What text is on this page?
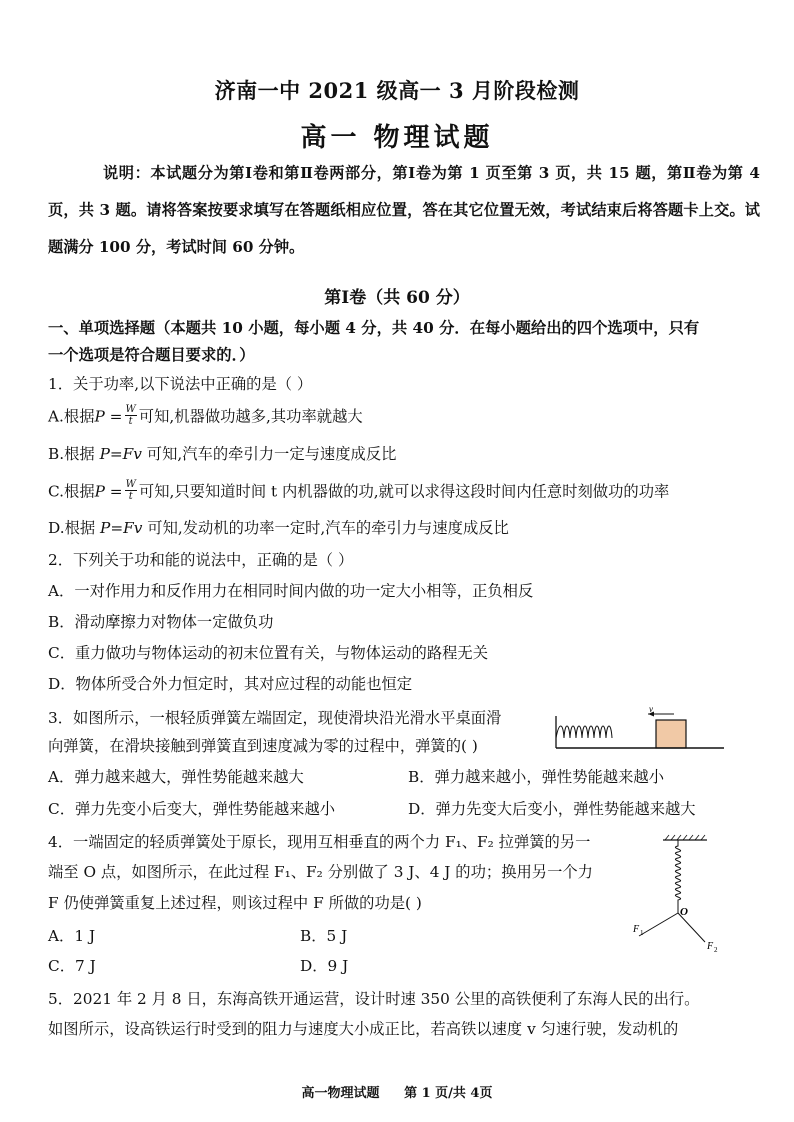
济南一中 2021 级高一 3 月阶段检测
高一 物理试题
说明：本试题分为第Ⅰ卷和第Ⅱ卷两部分，第Ⅰ卷为第 1 页至第 3 页，共 15 题，第Ⅱ卷为第 4 页，共 3 题。请将答案按要求填写在答题纸相应位置，答在其它位置无效，考试结束后将答题卡上交。试题满分 100 分，考试时间 60 分钟。
第Ⅰ卷（共 60 分）
一、单项选择题（本题共 10 小题，每小题 4 分，共 40 分．在每小题给出的四个选项中，只有
一个选项是符合题目要求的．）
1．关于功率,以下说法中正确的是（ ）
A.根据$P = \frac{W}{t}$ 可知,机器做功越多,其功率就越大
B.根据 P=Fv 可知,汽车的牵引力一定与速度成反比
C.根据$P = \frac{W}{t}$ 可知,只要知道时间 t 内机器做的功,就可以求得这段时间内任意时刻做功的功率
D.根据 P=Fv 可知,发动机的功率一定时,汽车的牵引力与速度成反比
2．下列关于功和能的说法中，正确的是（ ）
A．一对作用力和反作用力在相同时间内做的功一定大小相等，正负相反
B．滑动摩擦力对物体一定做负功
C．重力做功与物体运动的初末位置有关，与物体运动的路程无关
D．物体所受合外力恒定时，其对应过程的动能也恒定
3．如图所示，一根轻质弹簧左端固定，现使滑块沿光滑水平桌面滑
向弹簧，在滑块接触到弹簧直到速度减为零的过程中，弹簧的( )
A．弹力越来越大，弹性势能越来越大	B．弹力越来越小，弹性势能越来越小
C．弹力先变小后变大，弹性势能越来越小	D．弹力先变大后变小，弹性势能越来越大
v
4．一端固定的轻质弹簧处于原长，现用互相垂直的两个力 F₁、F₂ 拉弹簧的另一
端至 O 点，如图所示，在此过程 F₁、F₂ 分别做了 3 J、4 J 的功；换用另一个力
F 仍使弹簧重复上述过程，则该过程中 F 所做的功是( )
A．1 J	B．5 J
C．7 J	D．9 J
O
F 1
F 2
5．2021 年 2 月 8 日，东海高铁开通运营，设计时速 350 公里的高铁便利了东海人民的出行。
如图所示，设高铁运行时受到的阻力与速度大小成正比，若高铁以速度 v 匀速行驶，发动机的
高一物理试题 第 1 页/共 4页
